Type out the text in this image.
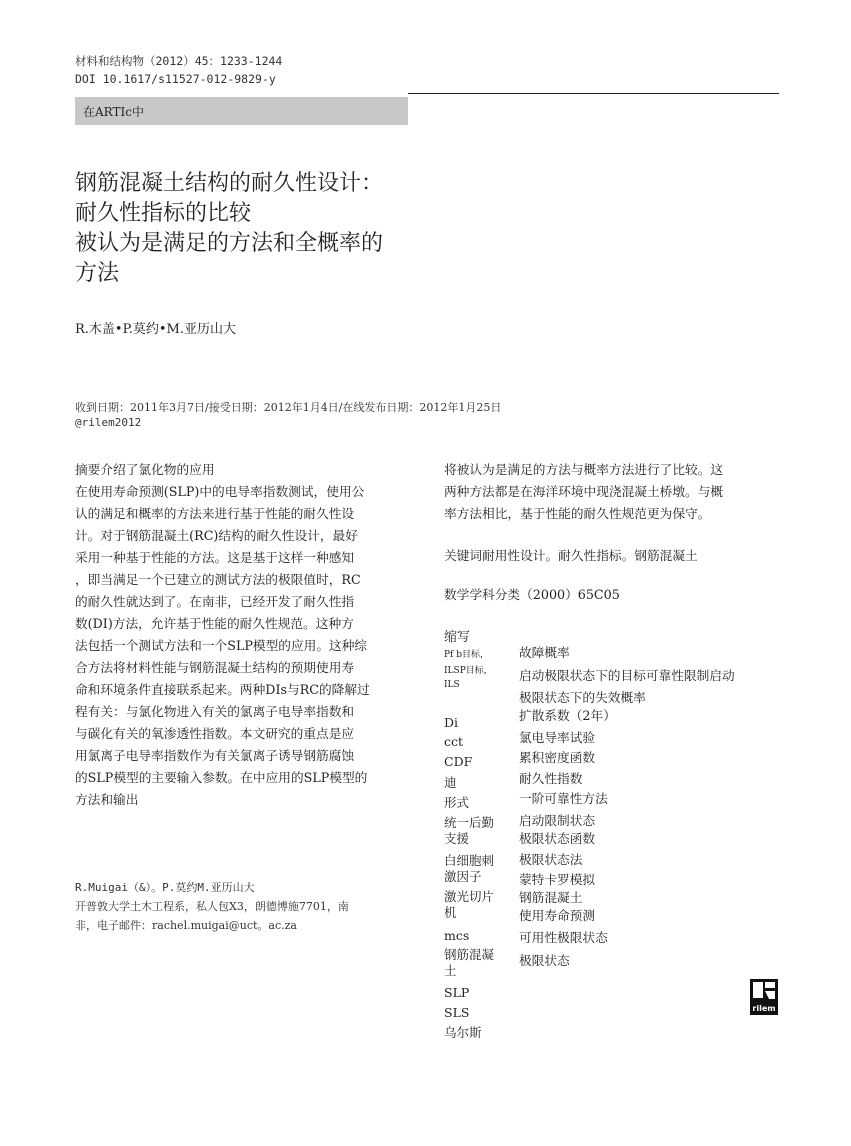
材料和结构物（2012）45：1233-1244
DOI 10.1617/s11527-012-9829-y
在ARTIc中
钢筋混凝土结构的耐久性设计：
耐久性指标的比较
被认为是满足的方法和全概率的
方法
R.木盖•P.莫约•M.亚历山大
收到日期：2011年3月7日/接受日期：2012年1月4日/在线发布日期：2012年1月25日
@rilem2012
摘要介绍了氯化物的应用
在使用寿命预测(SLP)中的电导率指数测试，使用公
认的满足和概率的方法来进行基于性能的耐久性设
计。对于钢筋混凝土(RC)结构的耐久性设计，最好
采用一种基于性能的方法。这是基于这样一种感知
，即当满足一个已建立的测试方法的极限值时，RC
的耐久性就达到了。在南非，已经开发了耐久性指
数(DI)方法，允许基于性能的耐久性规范。这种方
法包括一个测试方法和一个SLP模型的应用。这种综
合方法将材料性能与钢筋混凝土结构的预期使用寿
命和环境条件直接联系起来。两种DIs与RC的降解过
程有关：与氯化物进入有关的氯离子电导率指数和
与碳化有关的氧渗透性指数。本文研究的重点是应
用氯离子电导率指数作为有关氯离子诱导钢筋腐蚀
的SLP模型的主要输入参数。在中应用的SLP模型的
方法和输出
R.Muigai（&）。P.莫约M.亚历山大
开普敦大学土木工程系，私人包X3，朗德博施7701，南
非，电子邮件：rachel.muigai@uct。ac.za
将被认为是满足的方法与概率方法进行了比较。这
两种方法都是在海洋环境中现浇混凝土桥墩。与概
率方法相比，基于性能的耐久性规范更为保守。
关键词耐用性设计。耐久性指标。钢筋混凝土
数学学科分类（2000）65C05
缩写
Pf b目标，
ILSP目标，
ILS
Di
cct
CDF
迪
形式
统一后勤支援
白细胞刺激因子
激光切片机
mcs
钢筋混凝土
SLP
SLS
乌尔斯
故障概率
启动极限状态下的目标可靠性限制启动
极限状态下的失效概率
扩散系数（2年）
氯电导率试验
累积密度函数
耐久性指数
一阶可靠性方法
启动限制状态
极限状态函数
极限状态法
蒙特卡罗模拟
钢筋混凝土
使用寿命预测
可用性极限状态
极限状态
rilem
